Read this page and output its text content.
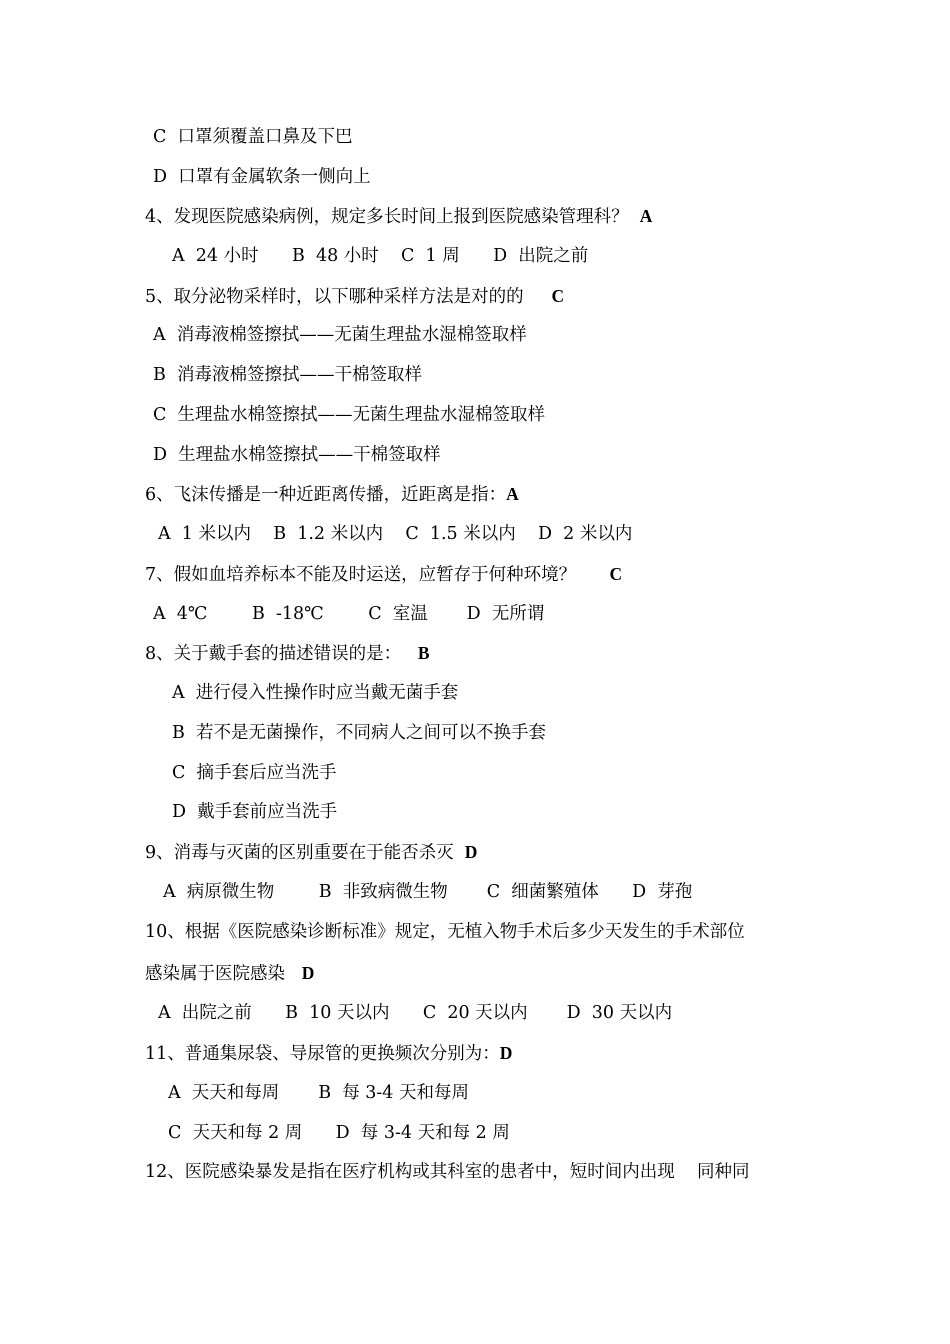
C  口罩须覆盖口鼻及下巴
D  口罩有金属软条一侧向上
4、发现医院感染病例，规定多长时间上报到医院感染管理科？  A
A  24 小时      B  48 小时    C  1 周      D  出院之前
5、取分泌物采样时，以下哪种采样方法是对的的     C
A  消毒液棉签擦拭——无菌生理盐水湿棉签取样
B  消毒液棉签擦拭——干棉签取样
C  生理盐水棉签擦拭——无菌生理盐水湿棉签取样
D  生理盐水棉签擦拭——干棉签取样
6、飞沫传播是一种近距离传播，近距离是指：A
A  1 米以内    B  1.2 米以内    C  1.5 米以内    D  2 米以内
7、假如血培养标本不能及时运送，应暂存于何种环境？      C
A  4℃        B  -18℃        C  室温       D  无所谓
8、关于戴手套的描述错误的是：   B
A  进行侵入性操作时应当戴无菌手套
B  若不是无菌操作，不同病人之间可以不换手套
C  摘手套后应当洗手
D  戴手套前应当洗手
9、消毒与灭菌的区别重要在于能否杀灭  D
A  病原微生物        B  非致病微生物       C  细菌繁殖体      D  芽孢
10、根据《医院感染诊断标准》规定，无植入物手术后多少天发生的手术部位
感染属于医院感染   D
A  出院之前      B  10 天以内      C  20 天以内       D  30 天以内
11、普通集尿袋、导尿管的更换频次分别为：D
A  天天和每周       B  每 3-4 天和每周
C  天天和每 2 周      D  每 3-4 天和每 2 周
12、医院感染暴发是指在医疗机构或其科室的患者中，短时间内出现    同种同
